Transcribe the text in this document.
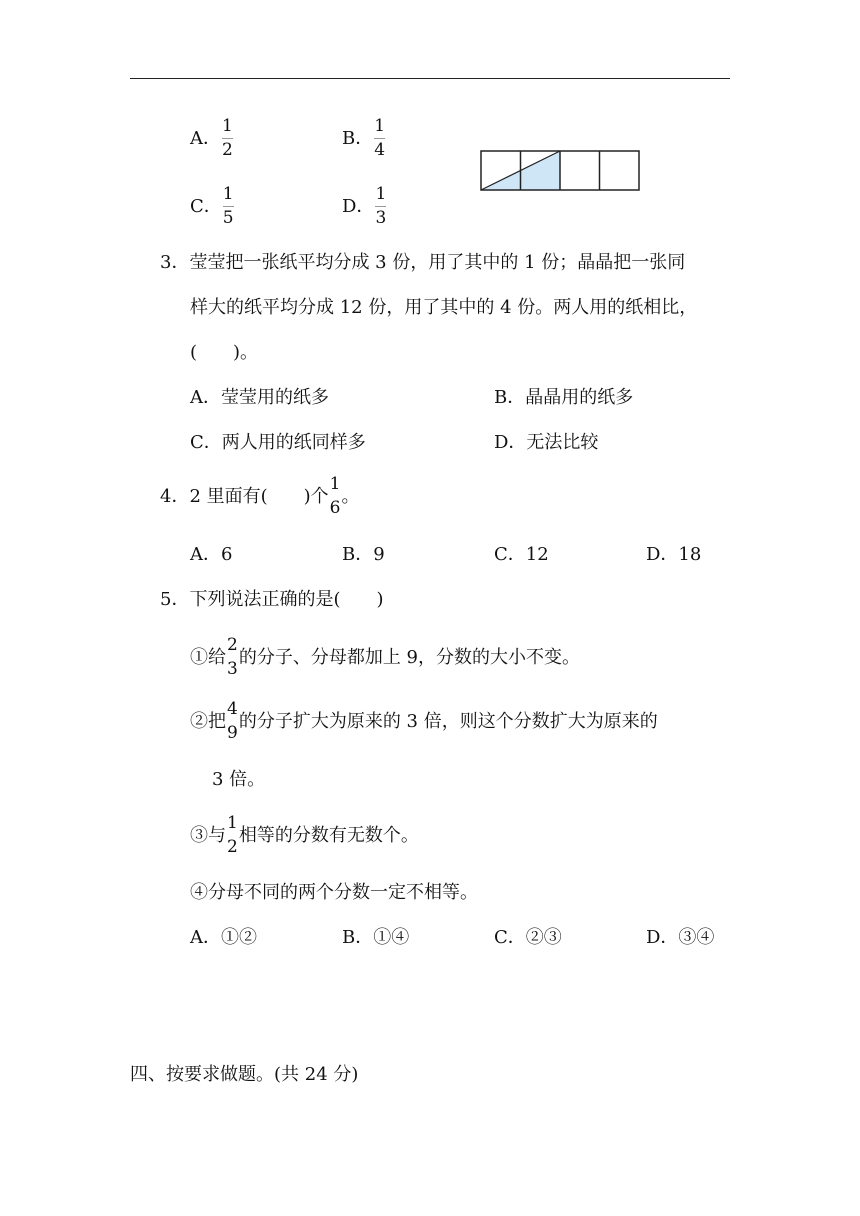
A． $\frac{1}{2}$	B． $\frac{1}{4}$
C． $\frac{1}{5}$	D． $\frac{1}{3}$
3．莹莹把一张纸平均分成 3 份，用了其中的 1 份；晶晶把一张同
样大的纸平均分成 12 份，用了其中的 4 份。两人用的纸相比，
(　　)。
A．莹莹用的纸多	B．晶晶用的纸多
C．两人用的纸同样多	D．无法比较
4．2 里面有(　　)个
1
6
。
A．6	B．9	C．12	D．18
5．下列说法正确的是(　　)
①给
2
3
的分子、分母都加上 9，分数的大小不变。
②把
4
9
的分子扩大为原来的 3 倍，则这个分数扩大为原来的
3 倍。
③与
1
2
相等的分数有无数个。
④分母不同的两个分数一定不相等。
A．①②	B．①④	C．②③	D．③④
四、按要求做题。(共 24 分)
